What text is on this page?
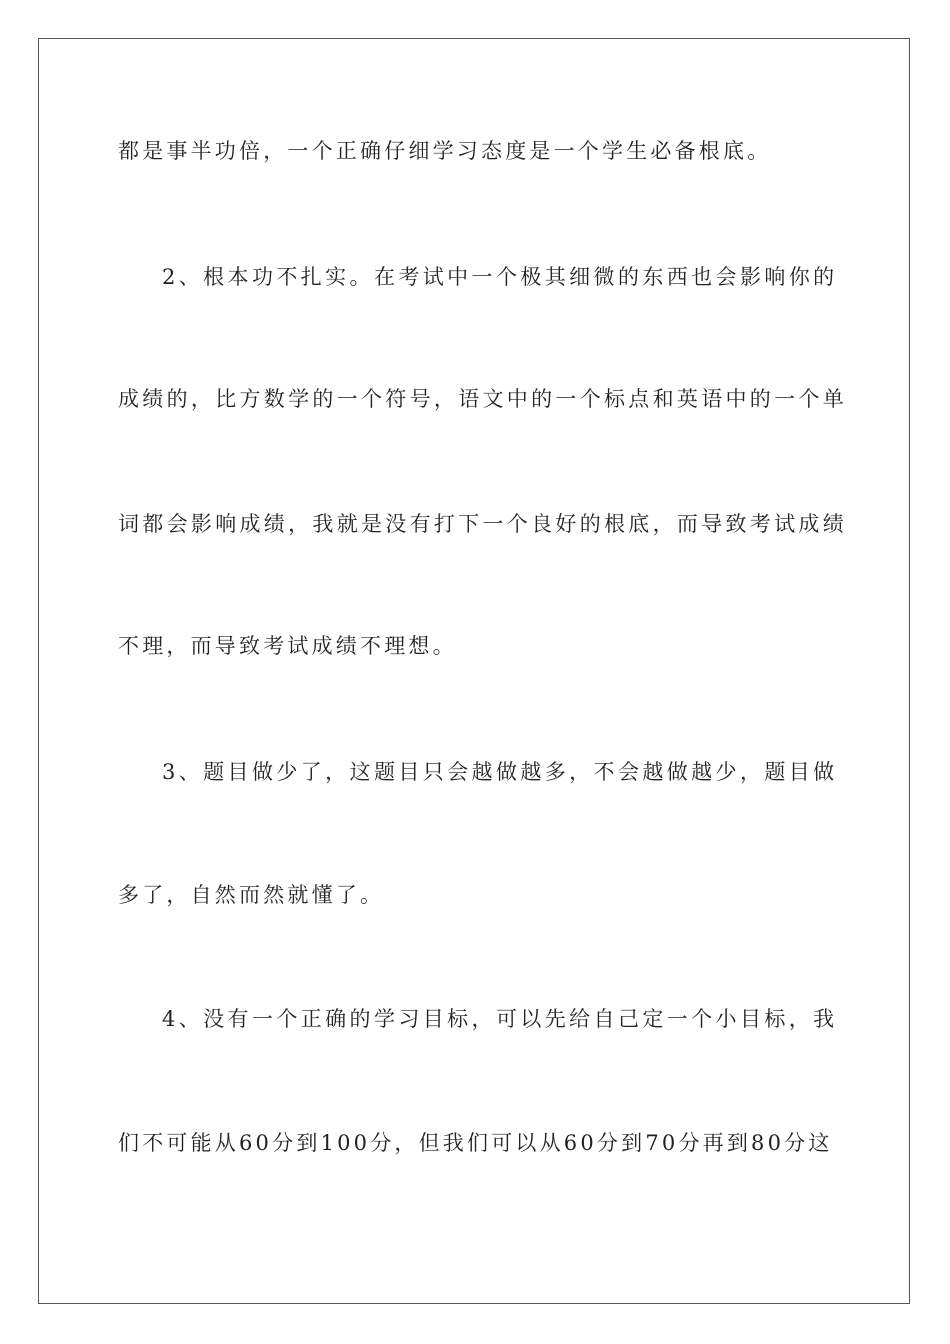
都是事半功倍，一个正确仔细学习态度是一个学生必备根底。
2、根本功不扎实。在考试中一个极其细微的东西也会影响你的
成绩的，比方数学的一个符号，语文中的一个标点和英语中的一个单
词都会影响成绩，我就是没有打下一个良好的根底，而导致考试成绩
不理，而导致考试成绩不理想。
3、题目做少了，这题目只会越做越多，不会越做越少，题目做
多了，自然而然就懂了。
4、没有一个正确的学习目标，可以先给自己定一个小目标，我
们不可能从60分到100分，但我们可以从60分到70分再到80分这
